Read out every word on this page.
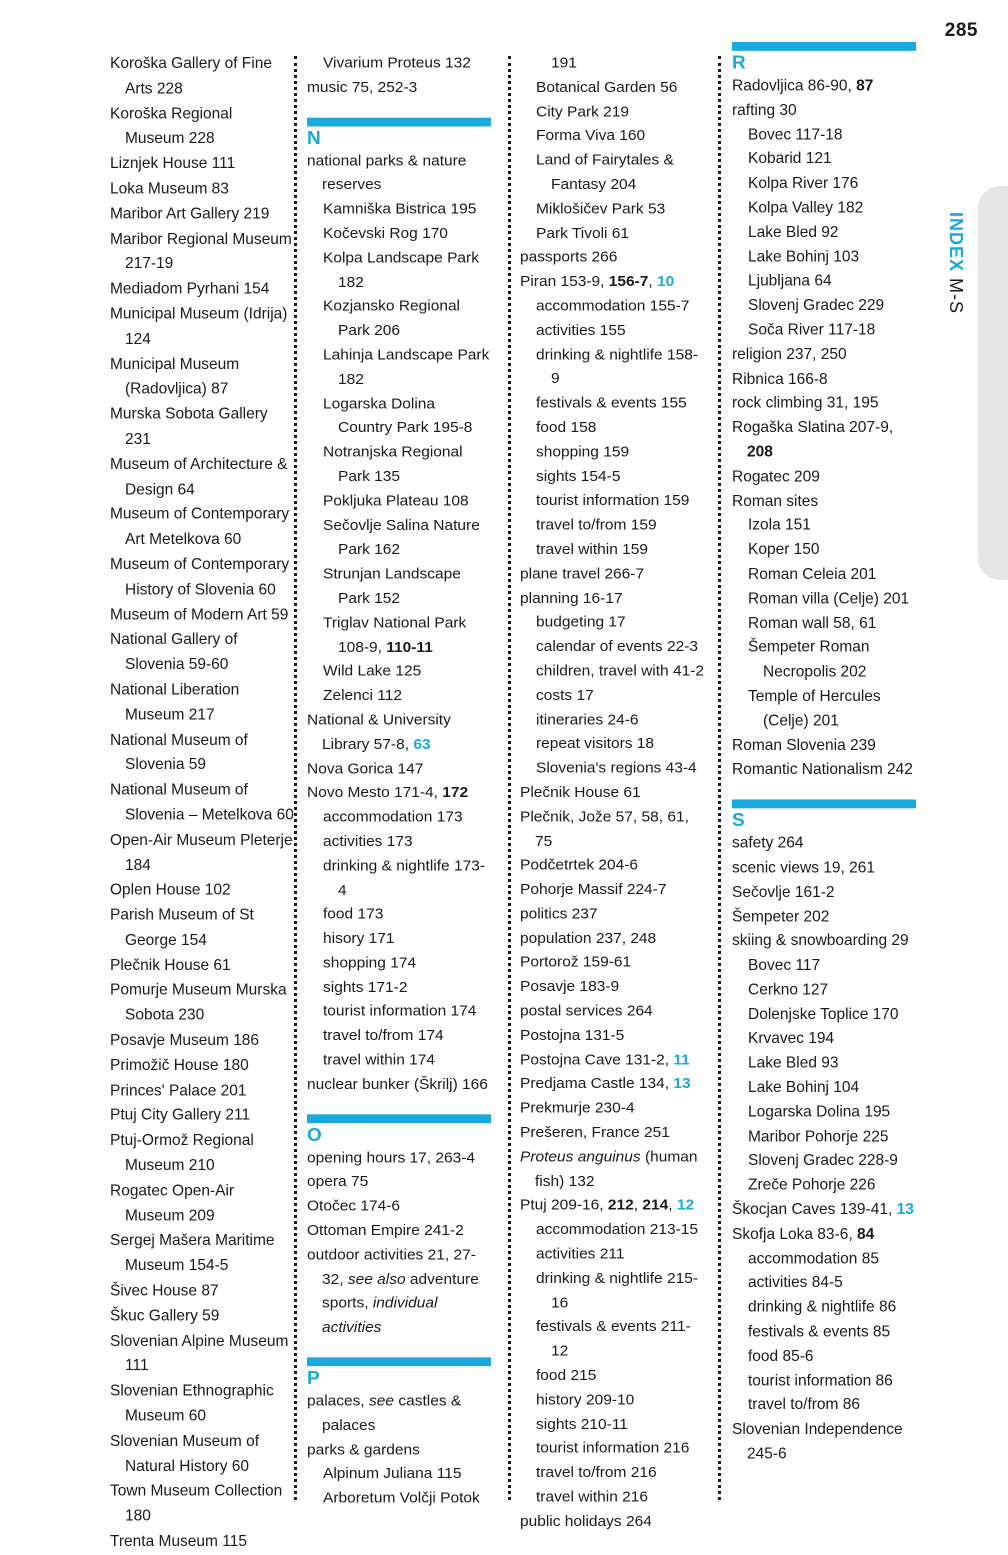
285
INDEX M-S
Koroška Gallery of Fine Arts 228
Koroška Regional Museum 228
Liznjek House 111
Loka Museum 83
Maribor Art Gallery 219
Maribor Regional Museum 217-19
Mediadom Pyrhani 154
Municipal Museum (Idrija) 124
Municipal Museum (Radovljica) 87
Murska Sobota Gallery 231
Museum of Architecture & Design 64
Museum of Contemporary Art Metelkova 60
Museum of Contemporary History of Slovenia 60
Museum of Modern Art 59
National Gallery of Slovenia 59-60
National Liberation Museum 217
National Museum of Slovenia 59
National Museum of Slovenia – Metelkova 60
Open-Air Museum Pleterje 184
Oplen House 102
Parish Museum of St George 154
Plečnik House 61
Pomurje Museum Murska Sobota 230
Posavje Museum 186
Primožič House 180
Princes' Palace 201
Ptuj City Gallery 211
Ptuj-Ormož Regional Museum 210
Rogatec Open-Air Museum 209
Sergej Mašera Maritime Museum 154-5
Šivec House 87
Škuc Gallery 59
Slovenian Alpine Museum 111
Slovenian Ethnographic Museum 60
Slovenian Museum of Natural History 60
Town Museum Collection 180
Trenta Museum 115
Vivarium Proteus 132
music 75, 252-3
N
national parks & nature reserves
Kamniška Bistrica 195
Kočevski Rog 170
Kolpa Landscape Park 182
Kozjansko Regional Park 206
Lahinja Landscape Park 182
Logarska Dolina Country Park 195-8
Notranjska Regional Park 135
Pokljuka Plateau 108
Sečovlje Salina Nature Park 162
Strunjan Landscape Park 152
Triglav National Park 108-9, 110-11
Wild Lake 125
Zelenci 112
National & University Library 57-8, 63
Nova Gorica 147
Novo Mesto 171-4, 172
accommodation 173
activities 173
drinking & nightlife 173-4
food 173
hisory 171
shopping 174
sights 171-2
tourist information 174
travel to/from 174
travel within 174
nuclear bunker (Škrilj) 166
O
opening hours 17, 263-4
opera 75
Otočec 174-6
Ottoman Empire 241-2
outdoor activities 21, 27-32, see also adventure sports, individual activities
P
palaces, see castles & palaces
parks & gardens
Alpinum Juliana 115
Arboretum Volčji Potok
191
Botanical Garden 56
City Park 219
Forma Viva 160
Land of Fairytales & Fantasy 204
Miklošičev Park 53
Park Tivoli 61
passports 266
Piran 153-9, 156-7, 10
accommodation 155-7
activities 155
drinking & nightlife 158-9
festivals & events 155
food 158
shopping 159
sights 154-5
tourist information 159
travel to/from 159
travel within 159
plane travel 266-7
planning 16-17
budgeting 17
calendar of events 22-3
children, travel with 41-2
costs 17
itineraries 24-6
repeat visitors 18
Slovenia's regions 43-4
Plečnik House 61
Plečnik, Jože 57, 58, 61, 75
Podčetrtek 204-6
Pohorje Massif 224-7
politics 237
population 237, 248
Portorož 159-61
Posavje 183-9
postal services 264
Postojna 131-5
Postojna Cave 131-2, 11
Predjama Castle 134, 13
Prekmurje 230-4
Prešeren, France 251
Proteus anguinus (human fish) 132
Ptuj 209-16, 212, 214, 12
accommodation 213-15
activities 211
drinking & nightlife 215-16
festivals & events 211-12
food 215
history 209-10
sights 210-11
tourist information 216
travel to/from 216
travel within 216
public holidays 264
R
Radovljica 86-90, 87
rafting 30
Bovec 117-18
Kobarid 121
Kolpa River 176
Kolpa Valley 182
Lake Bled 92
Lake Bohinj 103
Ljubljana 64
Slovenj Gradec 229
Soča River 117-18
religion 237, 250
Ribnica 166-8
rock climbing 31, 195
Rogaška Slatina 207-9, 208
Rogatec 209
Roman sites
Izola 151
Koper 150
Roman Celeia 201
Roman villa (Celje) 201
Roman wall 58, 61
Šempeter Roman Necropolis 202
Temple of Hercules (Celje) 201
Roman Slovenia 239
Romantic Nationalism 242
S
safety 264
scenic views 19, 261
Sečovlje 161-2
Šempeter 202
skiing & snowboarding 29
Bovec 117
Cerkno 127
Dolenjske Toplice 170
Krvavec 194
Lake Bled 93
Lake Bohinj 104
Logarska Dolina 195
Maribor Pohorje 225
Slovenj Gradec 228-9
Zreče Pohorje 226
Škocjan Caves 139-41, 13
Skofja Loka 83-6, 84
accommodation 85
activities 84-5
drinking & nightlife 86
festivals & events 85
food 85-6
tourist information 86
travel to/from 86
Slovenian Independence 245-6
